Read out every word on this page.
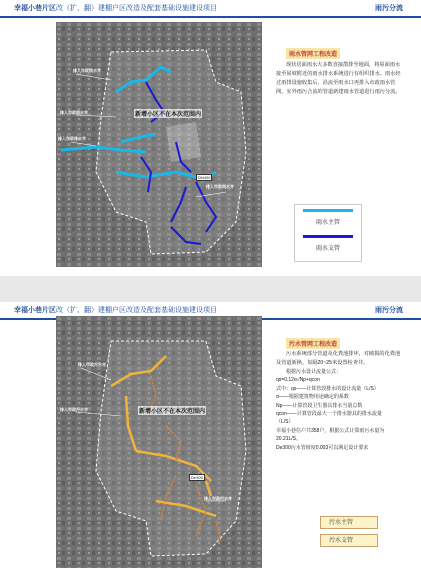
幸福小巷片区改（扩、翻）建棚户区改造及配套基础设施建设项目	雨污分流
排入市政雨水井
排入市政雨水井
排入市政排水井
新增小区不在本次范围内
DN400
排入市政雨水井
雨水管网工程改造
现状居面雨水大多数直接散排至地面，将屋面雨水接至屋坡附近的雨水排水系统进行有组织排水。雨水经过雨排设施收集后，沿流至雨水口再排入市政雨水管网。室外雨污合流的管道新建雨水管道进行雨污分流。
雨水主管
雨水支管
幸福小巷片区改（扩、翻）建棚户区改造及配套基础设施建设项目	雨污分流
排入市政污水井
排入市政污水井	新增小区不在本次范围内
De300
排入市政污水井
污水管网工程改造
污水系统部分管道及化粪池排坏，对破损的化粪池及管道新换。每隔20~25米设置检查井。
根据污水设计流量公式：
qs=0.12α√Np+qcon
式中：qs——计算管段排水的设计流量（L/S）
α——根据建筑物用途确定的系数
Np——计算管段卫生器具排水当量总数
qcon——计算管段最大一个排水器具的排水流量
（L/S）
幸福小巷住户共358户，根据公式计算雨污水量为
20.21L/S。
De300污水管坡度0.003可以满足设计要求
污水主管
污水支管
